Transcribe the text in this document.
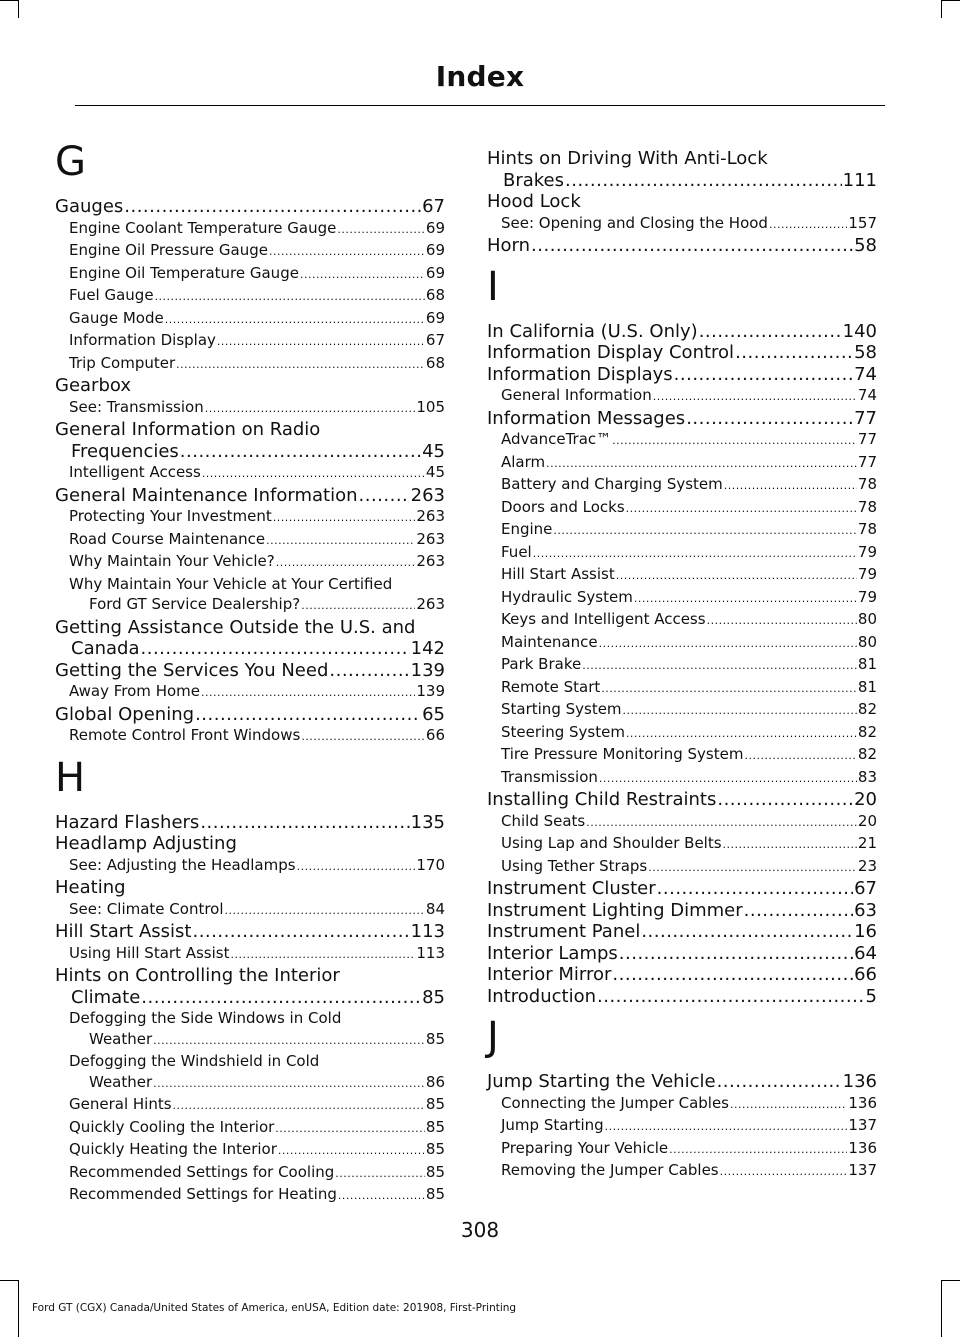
Index
G
Gauges .....	67
Engine Coolant Temperature Gauge .....	69
Engine Oil Pressure Gauge .....	69
Engine Oil Temperature Gauge .....	69
Fuel Gauge .....	68
Gauge Mode .....	69
Information Display .....	67
Trip Computer .....	68
Gearbox
See: Transmission .....	105
General Information on Radio
Frequencies .....	45
Intelligent Access .....	45
General Maintenance Information .....	263
Protecting Your Investment .....	263
Road Course Maintenance .....	263
Why Maintain Your Vehicle? .....	263
Why Maintain Your Vehicle at Your Certified
Ford GT Service Dealership? .....	263
Getting Assistance Outside the U.S. and
Canada .....	142
Getting the Services You Need .....	139
Away From Home .....	139
Global Opening .....	65
Remote Control Front Windows .....	66
H
Hazard Flashers .....	135
Headlamp Adjusting
See: Adjusting the Headlamps .....	170
Heating
See: Climate Control .....	84
Hill Start Assist .....	113
Using Hill Start Assist .....	113
Hints on Controlling the Interior
Climate .....	85
Defogging the Side Windows in Cold
Weather .....	85
Defogging the Windshield in Cold
Weather .....	86
General Hints .....	85
Quickly Cooling the Interior .....	85
Quickly Heating the Interior .....	85
Recommended Settings for Cooling .....	85
Recommended Settings for Heating .....	85
Hints on Driving With Anti-Lock
Brakes .....	111
Hood Lock
See: Opening and Closing the Hood .....	157
Horn .....	58
I
In California (U.S. Only) .....	140
Information Display Control .....	58
Information Displays .....	74
General Information .....	74
Information Messages .....	77
AdvanceTrac™ .....	77
Alarm .....	77
Battery and Charging System .....	78
Doors and Locks .....	78
Engine .....	78
Fuel .....	79
Hill Start Assist .....	79
Hydraulic System .....	79
Keys and Intelligent Access .....	80
Maintenance .....	80
Park Brake .....	81
Remote Start .....	81
Starting System .....	82
Steering System .....	82
Tire Pressure Monitoring System .....	82
Transmission .....	83
Installing Child Restraints .....	20
Child Seats .....	20
Using Lap and Shoulder Belts .....	21
Using Tether Straps .....	23
Instrument Cluster .....	67
Instrument Lighting Dimmer .....	63
Instrument Panel .....	16
Interior Lamps .....	64
Interior Mirror .....	66
Introduction .....	5
J
Jump Starting the Vehicle .....	136
Connecting the Jumper Cables .....	136
Jump Starting .....	137
Preparing Your Vehicle .....	136
Removing the Jumper Cables .....	137
308
Ford GT (CGX) Canada/United States of America, enUSA, Edition date: 201908, First-Printing
